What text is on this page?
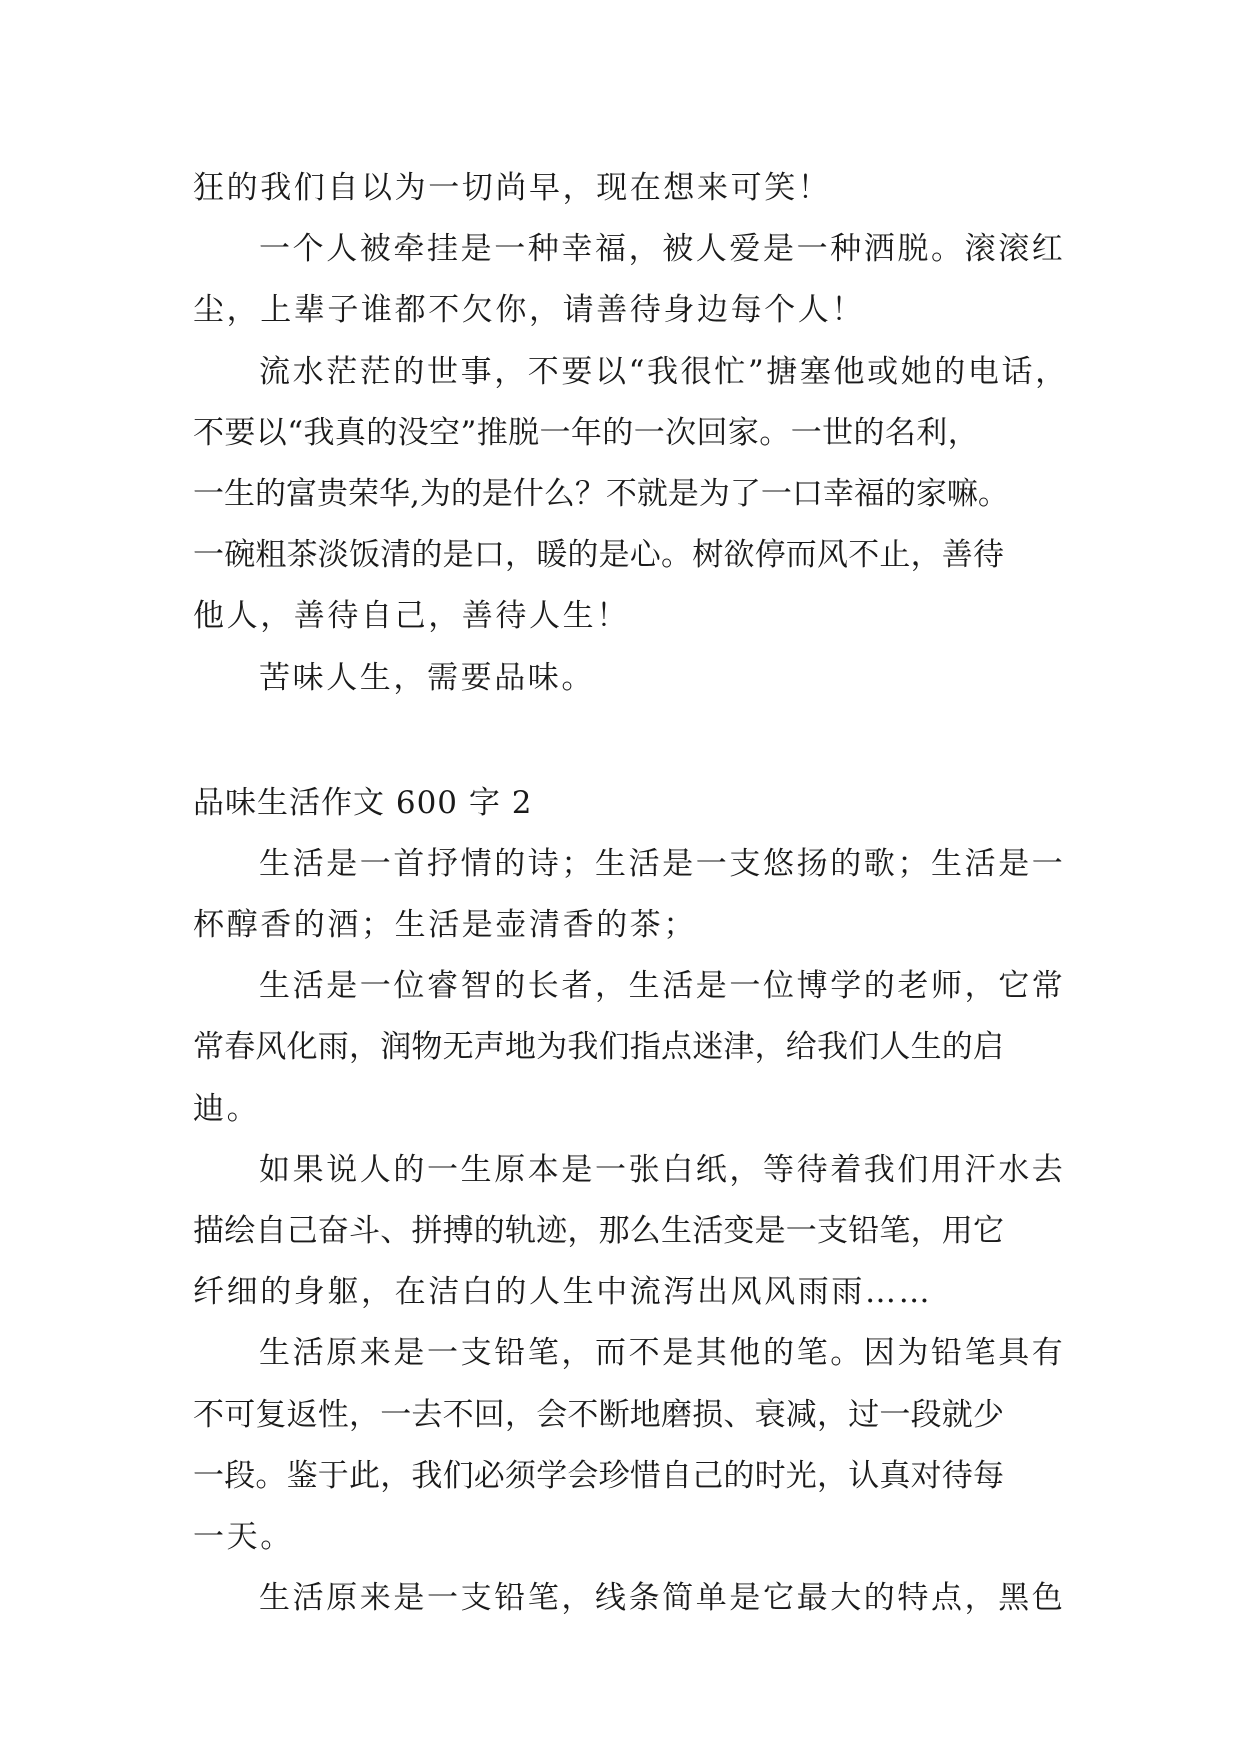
狂的我们自以为一切尚早，现在想来可笑！
一个人被牵挂是一种幸福，被人爱是一种洒脱。滚滚红
尘，上辈子谁都不欠你，请善待身边每个人！
流水茫茫的世事，不要以“我很忙”搪塞他或她的电话，
不要以“我真的没空”推脱一年的一次回家。一世的名利，
一生的富贵荣华,为的是什么？不就是为了一口幸福的家嘛。
一碗粗茶淡饭清的是口，暖的是心。树欲停而风不止，善待
他人，善待自己，善待人生！
苦味人生，需要品味。
品味生活作文 600 字 2
生活是一首抒情的诗；生活是一支悠扬的歌；生活是一
杯醇香的酒；生活是壶清香的茶；
生活是一位睿智的长者，生活是一位博学的老师，它常
常春风化雨，润物无声地为我们指点迷津，给我们人生的启
迪。
如果说人的一生原本是一张白纸，等待着我们用汗水去
描绘自己奋斗、拼搏的轨迹，那么生活变是一支铅笔，用它
纤细的身躯，在洁白的人生中流泻出风风雨雨……
生活原来是一支铅笔，而不是其他的笔。因为铅笔具有
不可复返性，一去不回，会不断地磨损、衰减，过一段就少
一段。鉴于此，我们必须学会珍惜自己的时光，认真对待每
一天。
生活原来是一支铅笔，线条简单是它最大的特点，黑色
